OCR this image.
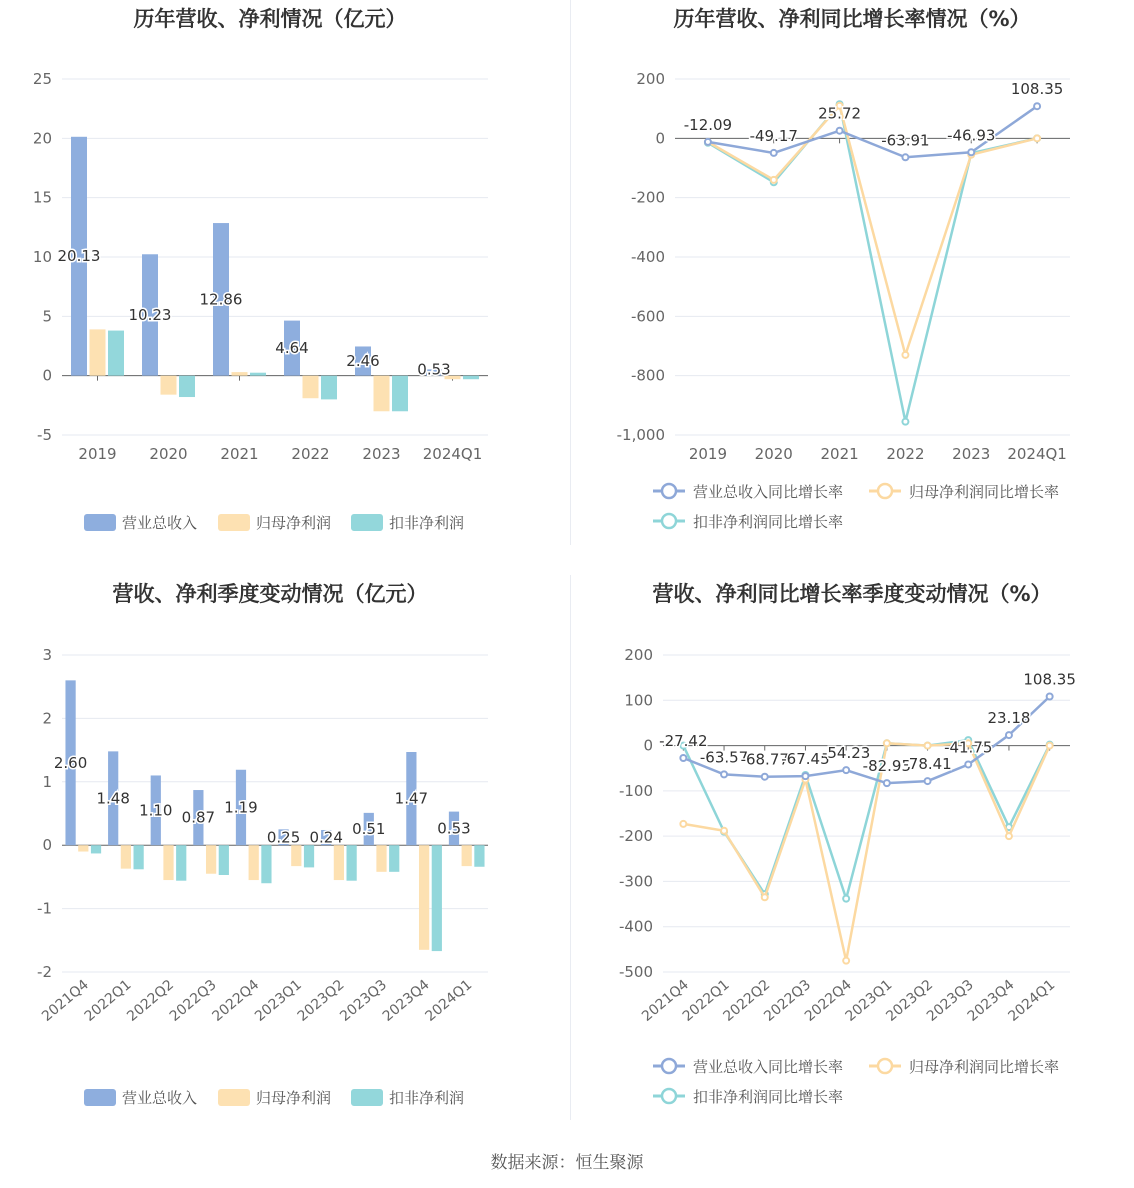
历年营收、净利情况（亿元）
25
20
15
10
5
0
-5
2019 2020 2021 2022 2023 2024Q1
20.13
10.23
12.86
4.64
2.46	0.53
营业总收入	归母净利润	扣非净利润
历年营收、净利同比增长率情况（%）
200
0
-200
-400
-600
-800
-1,000
2019 2020 2021 2022 2023 2024Q1
-12.09
-49.17
25.72
-63.91 -46.93
108.35
营业总收入同比增长率	归母净利润同比增长率
扣非净利润同比增长率
营收、净利季度变动情况（亿元）
3
2
1
0
-1
-2
2021Q4
2022Q1
2022Q2
2022Q3
2022Q4
2023Q1
2023Q2
2023Q3
2023Q4
2024Q1
2.60
1.48
1.10 0.87
1.19
0.25 0.24 0.51
1.47
0.53
营业总收入	归母净利润	扣非净利润
营收、净利同比增长率季度变动情况（%）
200
100
0
-100
-200
-300
-400
-500
2021Q4
2022Q1
2022Q2
2022Q3
2022Q4
2023Q1
2023Q2
2023Q3
2023Q4
2024Q1
-27.42
-63.57
-68.77
-67.45
-54.23
-82.95
-78.41
-41.75
23.18
108.35
营业总收入同比增长率	归母净利润同比增长率
扣非净利润同比增长率
数据来源：恒生聚源
